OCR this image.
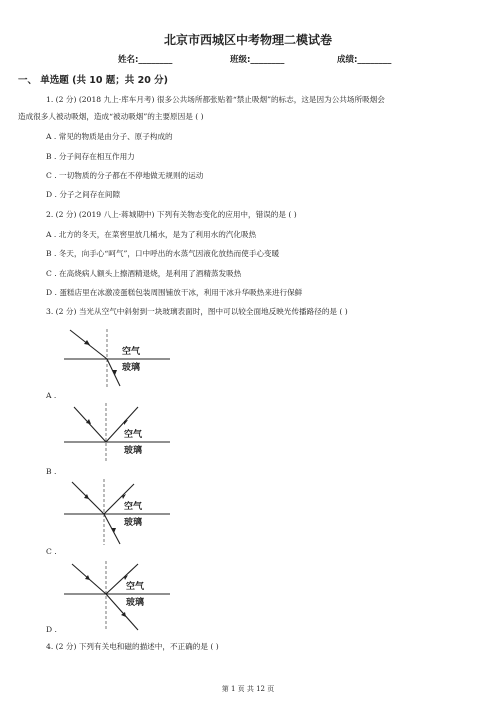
北京市西城区中考物理二模试卷
姓名:________	班级:________	成绩:________
一、 单选题 (共 10 题；共 20 分)
1. (2 分) (2018 九上·库车月考) 很多公共场所都张贴着“禁止吸烟”的标志，这是因为公共场所吸烟会
造成很多人被动吸烟，造成“被动吸烟”的主要原因是 ( )
A . 常见的物质是由分子、原子构成的
B . 分子间存在相互作用力
C . 一切物质的分子都在不停地做无规则的运动
D . 分子之间存在间隙
2. (2 分) (2019 八上·蒋城期中) 下列有关物态变化的应用中，错误的是 ( )
A . 北方的冬天，在菜窖里放几桶水，是为了利用水的汽化吸热
B . 冬天，向手心“呵气”，口中呼出的水蒸气因液化放热而使手心变暖
C . 在高烧病人额头上擦酒精退烧，是利用了酒精蒸发吸热
D . 蛋糕店里在冰激凌蛋糕包装周围铺放干冰，利用干冰升华吸热来进行保鲜
3. (2 分) 当光从空气中斜射到一块玻璃表面时，图中可以较全面地反映光传播路径的是 ( )
空气
玻璃
A .
空气
玻璃
B .
空气
玻璃
C .
空气
玻璃
D .
4. (2 分) 下列有关电和磁的描述中，不正确的是 ( )
第 1 页 共 12 页
